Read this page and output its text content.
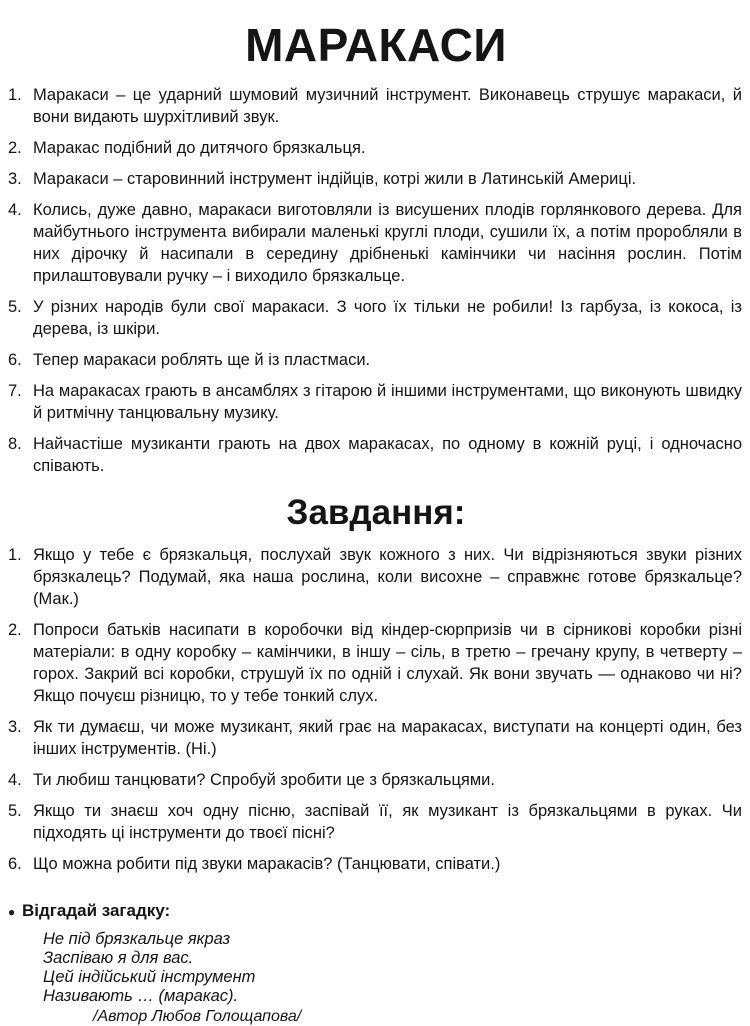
МАРАКАСИ
1. Маракаси – це ударний шумовий музичний інструмент. Виконавець струшує маракаси, й вони видають шурхітливий звук.
2. Маракас подібний до дитячого брязкальця.
3. Маракаси – старовинний інструмент індійців, котрі жили в Латинській Америці.
4. Колись, дуже давно, маракаси виготовляли із висушених плодів горлянкового дерева. Для майбутнього інструмента вибирали маленькі круглі плоди, сушили їх, а потім проробляли в них дірочку й насипали в середину дрібненькі камінчики чи насіння рослин. Потім прилаштовували ручку – і виходило брязкальце.
5. У різних народів були свої маракаси. З чого їх тільки не робили! Із гарбуза, із кокоса, із дерева, із шкіри.
6. Тепер маракаси роблять ще й із пластмаси.
7. На маракасах грають в ансамблях з гітарою й іншими інструментами, що виконують швидку й ритмічну танцювальну музику.
8. Найчастіше музиканти грають на двох маракасах, по одному в кожній руці, і одночасно співають.
Завдання:
1. Якщо у тебе є брязкальця, послухай звук кожного з них. Чи відрізняються звуки різних брязкалець? Подумай, яка наша рослина, коли висохне – справжнє готове брязкальце? (Мак.)
2. Попроси батьків насипати в коробочки від кіндер-сюрпризів чи в сірникові коробки різні матеріали: в одну коробку – камінчики, в іншу – сіль, в третю – гречану крупу, в четверту – горох. Закрий всі коробки, струшуй їх по одній і слухай. Як вони звучать — однаково чи ні? Якщо почуєш різницю, то у тебе тонкий слух.
3. Як ти думаєш, чи може музикант, який грає на маракасах, виступати на концерті один, без інших інструментів. (Ні.)
4. Ти любиш танцювати? Спробуй зробити це з брязкальцями.
5. Якщо ти знаєш хоч одну пісню, заспівай її, як музикант із брязкальцями в руках. Чи підходять ці інструменти до твоєї пісні?
6. Що можна робити під звуки маракасів? (Танцювати, співати.)
● Відгадай загадку:
Не під брязкальце якраз
Заспіваю я для вас.
Цей індійський інструмент
Називають … (маракас).
/Автор Любов Голощапова/
